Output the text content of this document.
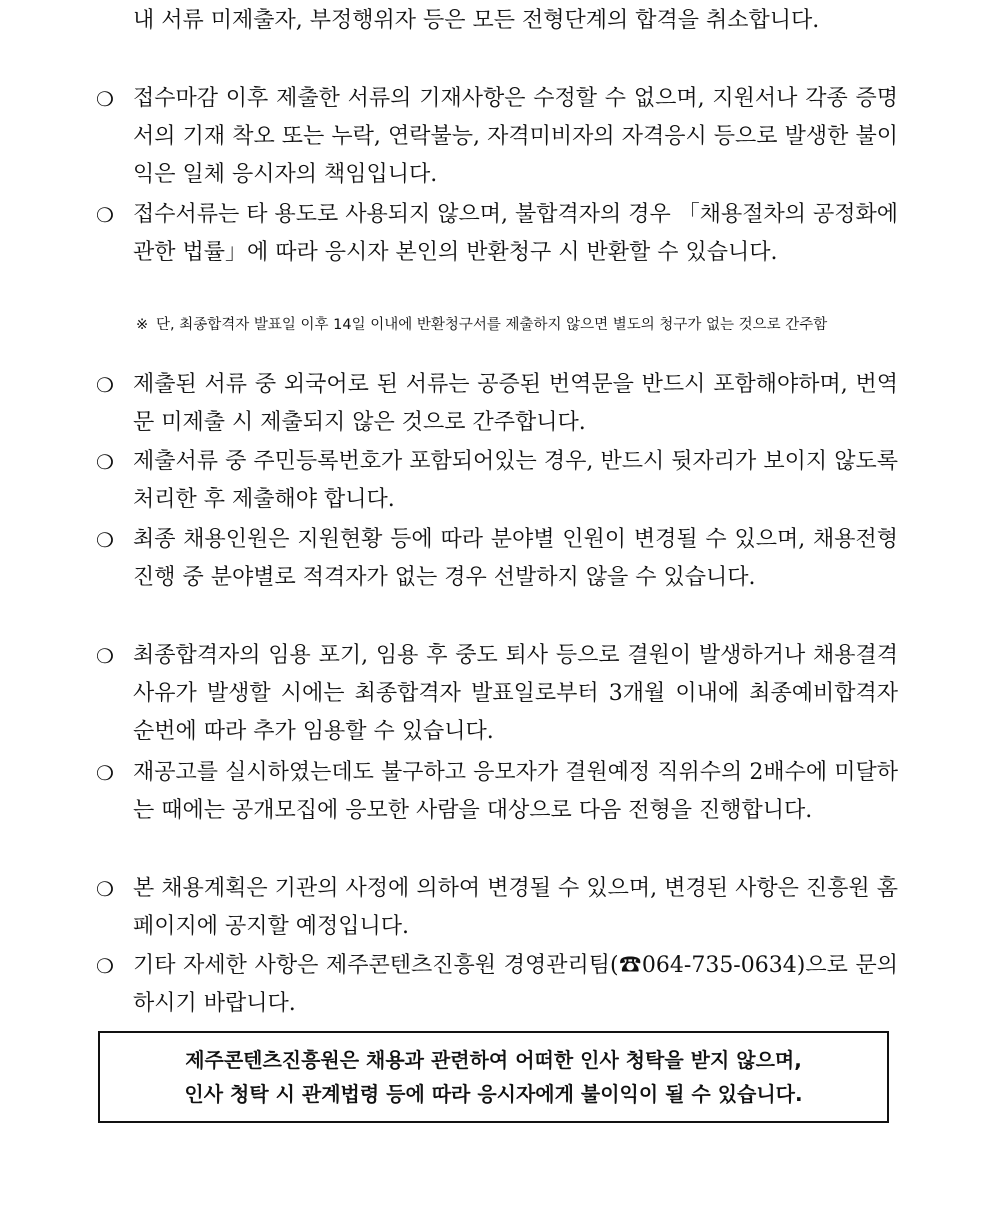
내 서류 미제출자, 부정행위자 등은 모든 전형단계의 합격을 취소합니다.
❍ 접수마감 이후 제출한 서류의 기재사항은 수정할 수 없으며, 지원서나 각종 증명서의 기재 착오 또는 누락, 연락불능, 자격미비자의 자격응시 등으로 발생한 불이익은 일체 응시자의 책임입니다.
❍ 접수서류는 타 용도로 사용되지 않으며, 불합격자의 경우 「채용절차의 공정화에 관한 법률」에 따라 응시자 본인의 반환청구 시 반환할 수 있습니다.
※ 단, 최종합격자 발표일 이후 14일 이내에 반환청구서를 제출하지 않으면 별도의 청구가 없는 것으로 간주함
❍ 제출된 서류 중 외국어로 된 서류는 공증된 번역문을 반드시 포함해야하며, 번역문 미제출 시 제출되지 않은 것으로 간주합니다.
❍ 제출서류 중 주민등록번호가 포함되어있는 경우, 반드시 뒷자리가 보이지 않도록 처리한 후 제출해야 합니다.
❍ 최종 채용인원은 지원현황 등에 따라 분야별 인원이 변경될 수 있으며, 채용전형 진행 중 분야별로 적격자가 없는 경우 선발하지 않을 수 있습니다.
❍ 최종합격자의 임용 포기, 임용 후 중도 퇴사 등으로 결원이 발생하거나 채용결격사유가 발생할 시에는 최종합격자 발표일로부터 3개월 이내에 최종예비합격자 순번에 따라 추가 임용할 수 있습니다.
❍ 재공고를 실시하였는데도 불구하고 응모자가 결원예정 직위수의 2배수에 미달하는 때에는 공개모집에 응모한 사람을 대상으로 다음 전형을 진행합니다.
❍ 본 채용계획은 기관의 사정에 의하여 변경될 수 있으며, 변경된 사항은 진흥원 홈페이지에 공지할 예정입니다.
❍ 기타 자세한 사항은 제주콘텐츠진흥원 경영관리팀(☎064-735-0634)으로 문의하시기 바랍니다.
제주콘텐츠진흥원은 채용과 관련하여 어떠한 인사 청탁을 받지 않으며,
인사 청탁 시 관계법령 등에 따라 응시자에게 불이익이 될 수 있습니다.
